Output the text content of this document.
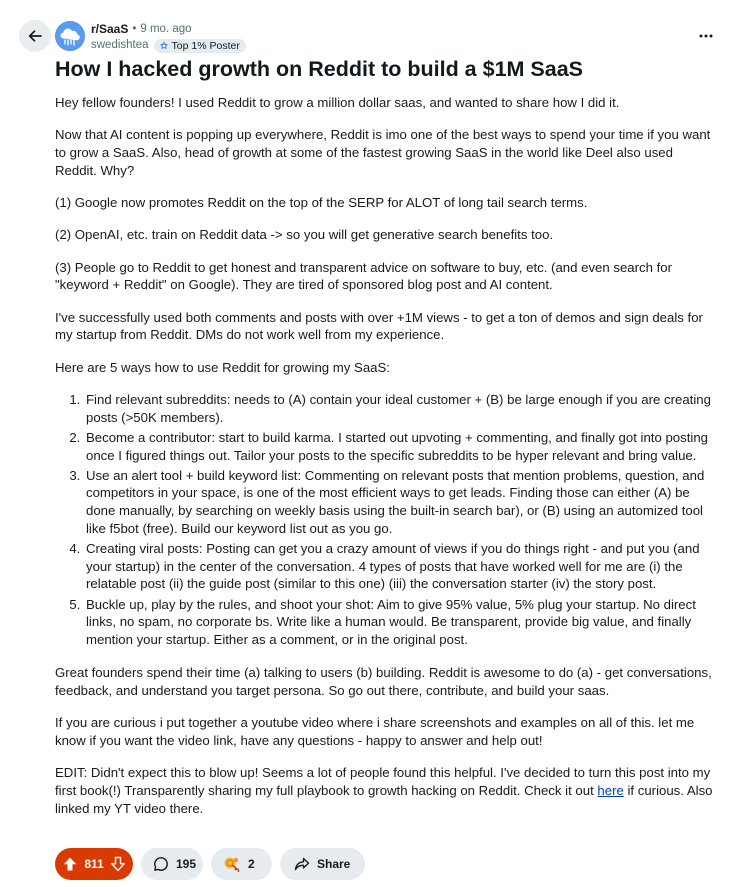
r/SaaS • 9 mo. ago
swedishtea Top 1% Poster
How I hacked growth on Reddit to build a $1M SaaS

Hey fellow founders! I used Reddit to grow a million dollar saas, and wanted to share how I did it.

Now that AI content is popping up everywhere, Reddit is imo one of the best ways to spend your time if you want to grow a SaaS. Also, head of growth at some of the fastest growing SaaS in the world like Deel also used Reddit. Why?

(1) Google now promotes Reddit on the top of the SERP for ALOT of long tail search terms.

(2) OpenAI, etc. train on Reddit data -> so you will get generative search benefits too.

(3) People go to Reddit to get honest and transparent advice on software to buy, etc. (and even search for "keyword + Reddit" on Google). They are tired of sponsored blog post and AI content.

I've successfully used both comments and posts with over +1M views - to get a ton of demos and sign deals for my startup from Reddit. DMs do not work well from my experience.

Here are 5 ways how to use Reddit for growing my SaaS:

1. Find relevant subreddits: needs to (A) contain your ideal customer + (B) be large enough if you are creating posts (>50K members).
2. Become a contributor: start to build karma. I started out upvoting + commenting, and finally got into posting once I figured things out. Tailor your posts to the specific subreddits to be hyper relevant and bring value.
3. Use an alert tool + build keyword list: Commenting on relevant posts that mention problems, question, and competitors in your space, is one of the most efficient ways to get leads. Finding those can either (A) be done manually, by searching on weekly basis using the built-in search bar), or (B) using an automized tool like f5bot (free). Build our keyword list out as you go.
4. Creating viral posts: Posting can get you a crazy amount of views if you do things right - and put you (and your startup) in the center of the conversation. 4 types of posts that have worked well for me are (i) the relatable post (ii) the guide post (similar to this one) (iii) the conversation starter (iv) the story post.
5. Buckle up, play by the rules, and shoot your shot: Aim to give 95% value, 5% plug your startup. No direct links, no spam, no corporate bs. Write like a human would. Be transparent, provide big value, and finally mention your startup. Either as a comment, or in the original post.

Great founders spend their time (a) talking to users (b) building. Reddit is awesome to do (a) - get conversations, feedback, and understand you target persona. So go out there, contribute, and build your saas.

If you are curious i put together a youtube video where i share screenshots and examples on all of this. let me know if you want the video link, have any questions - happy to answer and help out!

EDIT: Didn't expect this to blow up! Seems a lot of people found this helpful. I've decided to turn this post into my first book(!) Transparently sharing my full playbook to growth hacking on Reddit. Check it out here if curious. Also linked my YT video there.

811	195	2	Share
